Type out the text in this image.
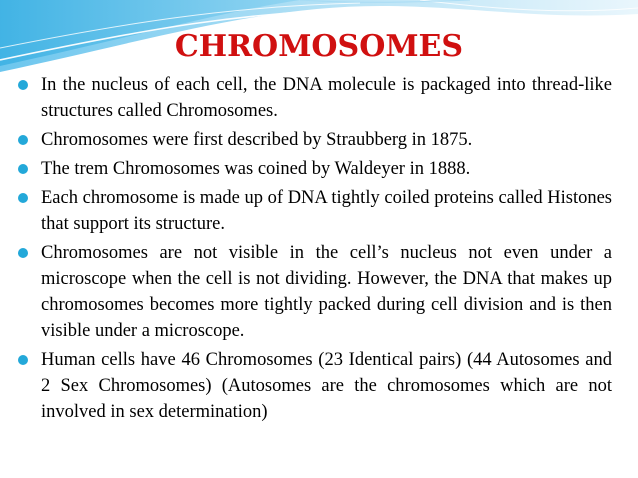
CHROMOSOMES
In the nucleus of each cell, the DNA molecule is packaged into thread-like structures called Chromosomes.
Chromosomes were first described by Straubberg in 1875.
The trem Chromosomes was coined by Waldeyer in 1888.
Each chromosome is made up of DNA tightly coiled proteins called Histones that support its structure.
Chromosomes are not visible in the cell’s nucleus not even under a microscope when the cell is not dividing. However, the DNA that makes up chromosomes becomes more tightly packed during cell division and is then visible under a microscope.
Human cells have 46 Chromosomes (23 Identical pairs) (44 Autosomes and 2 Sex Chromosomes) (Autosomes are the chromosomes which are not involved in sex determination)
